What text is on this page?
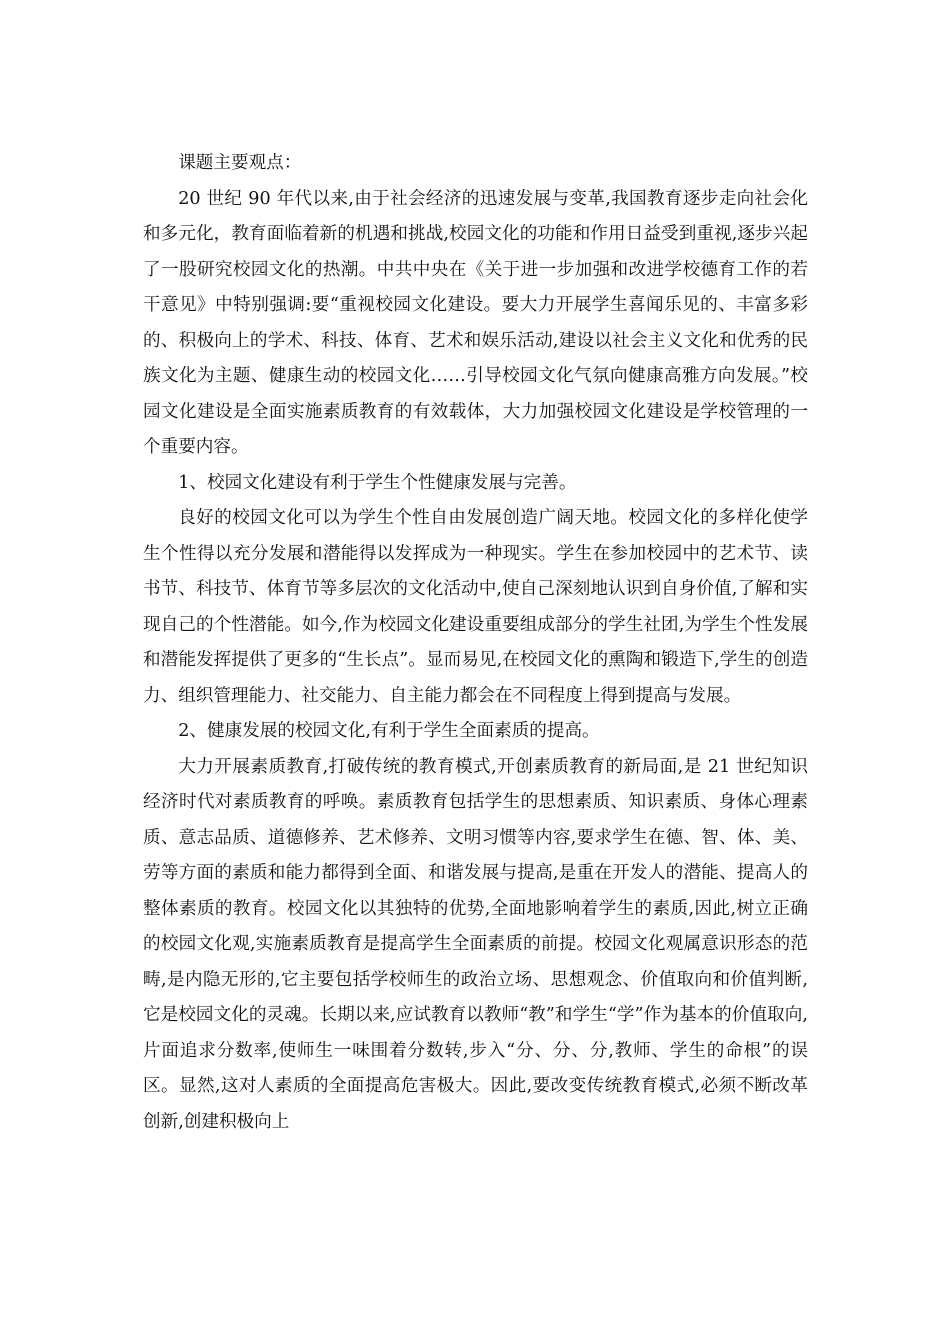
课题主要观点：

20 世纪 90 年代以来,由于社会经济的迅速发展与变革,我国教育逐步走向社会化和多元化，教育面临着新的机遇和挑战,校园文化的功能和作用日益受到重视,逐步兴起了一股研究校园文化的热潮。中共中央在《关于进一步加强和改进学校德育工作的若干意见》中特别强调:要“重视校园文化建设。要大力开展学生喜闻乐见的、丰富多彩的、积极向上的学术、科技、体育、艺术和娱乐活动,建设以社会主义文化和优秀的民族文化为主题、健康生动的校园文化……引导校园文化气氛向健康高雅方向发展。”校园文化建设是全面实施素质教育的有效载体，大力加强校园文化建设是学校管理的一个重要内容。

1、校园文化建设有利于学生个性健康发展与完善。

良好的校园文化可以为学生个性自由发展创造广阔天地。校园文化的多样化使学生个性得以充分发展和潜能得以发挥成为一种现实。学生在参加校园中的艺术节、读书节、科技节、体育节等多层次的文化活动中,使自己深刻地认识到自身价值,了解和实现自己的个性潜能。如今,作为校园文化建设重要组成部分的学生社团,为学生个性发展和潜能发挥提供了更多的“生长点”。显而易见,在校园文化的熏陶和锻造下,学生的创造力、组织管理能力、社交能力、自主能力都会在不同程度上得到提高与发展。

2、健康发展的校园文化,有利于学生全面素质的提高。

大力开展素质教育,打破传统的教育模式,开创素质教育的新局面,是 21 世纪知识经济时代对素质教育的呼唤。素质教育包括学生的思想素质、知识素质、身体心理素质、意志品质、道德修养、艺术修养、文明习惯等内容,要求学生在德、智、体、美、劳等方面的素质和能力都得到全面、和谐发展与提高,是重在开发人的潜能、提高人的整体素质的教育。校园文化以其独特的优势,全面地影响着学生的素质,因此,树立正确的校园文化观,实施素质教育是提高学生全面素质的前提。校园文化观属意识形态的范畴,是内隐无形的,它主要包括学校师生的政治立场、思想观念、价值取向和价值判断,它是校园文化的灵魂。长期以来,应试教育以教师“教”和学生“学”作为基本的价值取向,片面追求分数率,使师生一味围着分数转,步入“分、分、分,教师、学生的命根”的误区。显然,这对人素质的全面提高危害极大。因此,要改变传统教育模式,必须不断改革创新,创建积极向上
